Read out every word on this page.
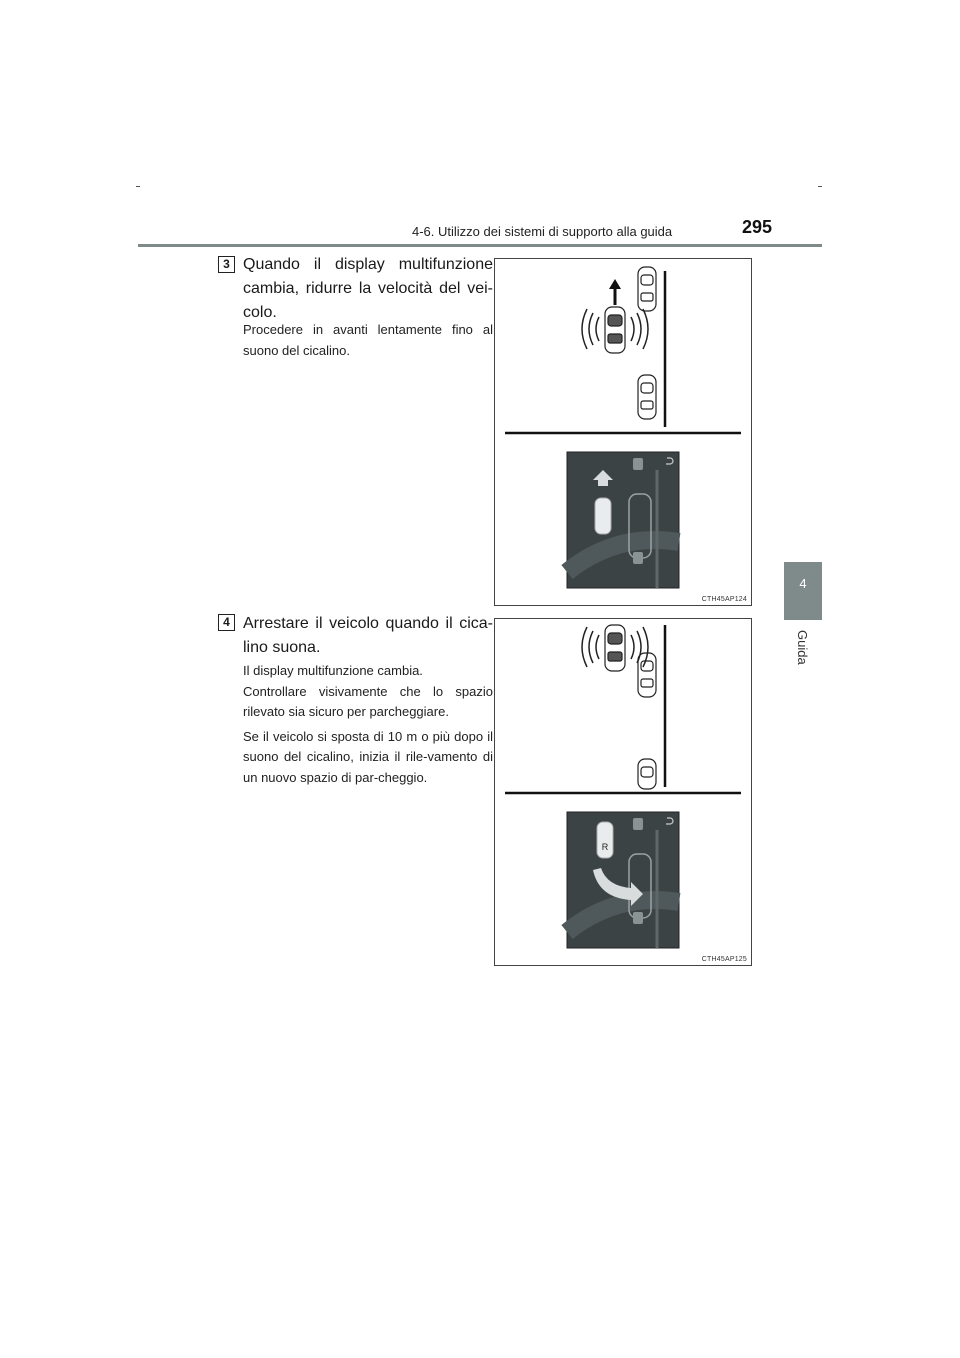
4-6. Utilizzo dei sistemi di supporto alla guida	295
4
Guida
3 Quando il display multifunzione cambia, ridurre la velocità del vei-colo.

Procedere in avanti lentamente fino al suono del cicalino.

CTH45AP124
4 Arrestare il veicolo quando il cica-lino suona.

Il display multifunzione cambia.

Controllare visivamente che lo spazio rilevato sia sicuro per parcheggiare.

Se il veicolo si sposta di 10 m o più dopo il suono del cicalino, inizia il rile-vamento di un nuovo spazio di par-cheggio.

R
CTH45AP125
